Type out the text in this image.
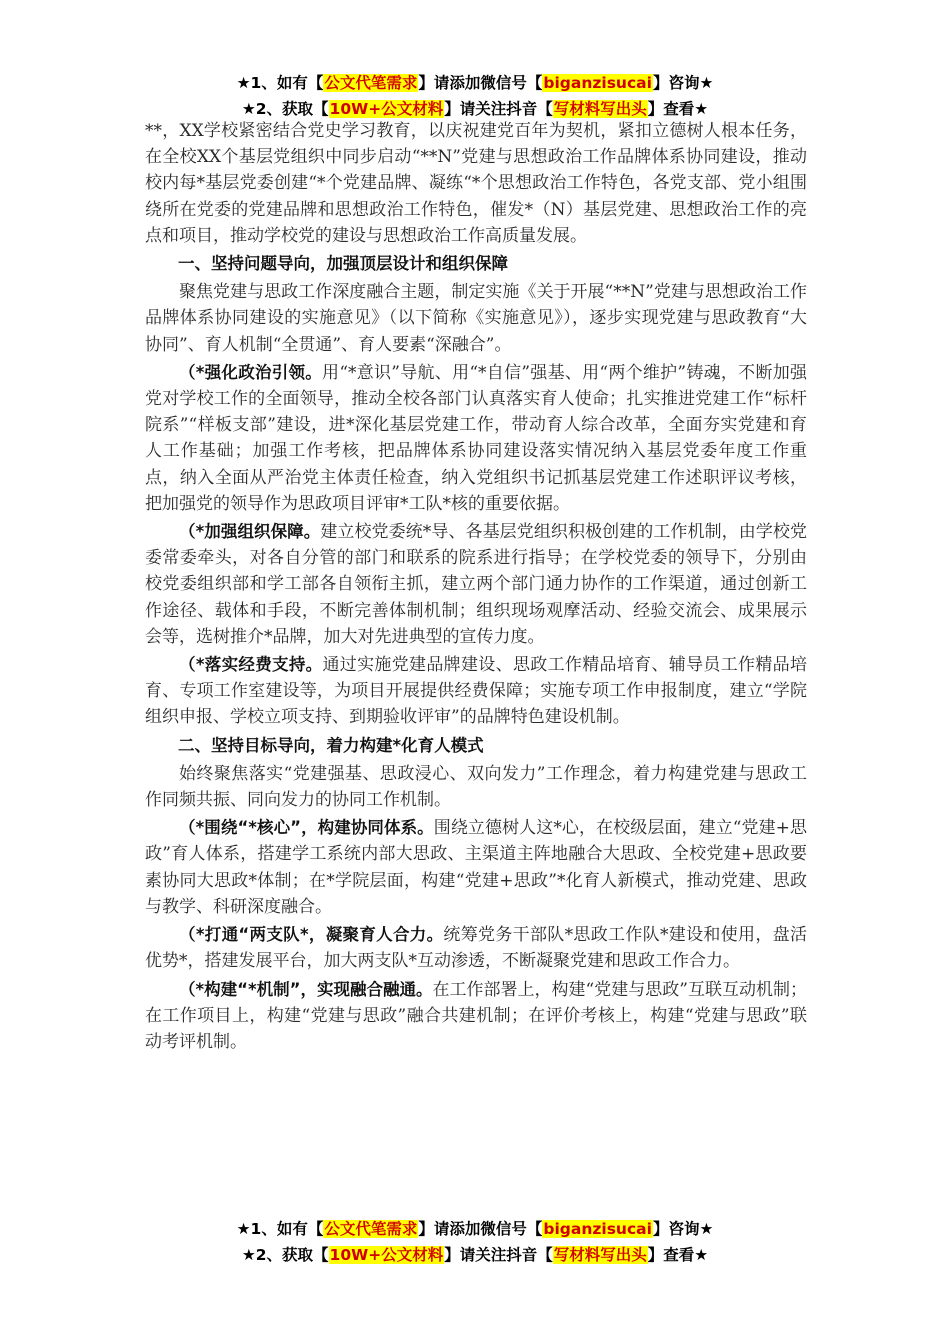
★1、如有【公文代笔需求】请添加微信号【biganzisucai】咨询★
★2、获取【10W+公文材料】请关注抖音【写材料写出头】查看★

**，XX学校紧密结合党史学习教育，以庆祝建党百年为契机，紧扣立德树人根本任务，在全校XX个基层党组织中同步启动“**N”党建与思想政治工作品牌体系协同建设，推动校内每*基层党委创建“*个党建品牌、凝练“*个思想政治工作特色，各党支部、党小组围绕所在党委的党建品牌和思想政治工作特色，催发*（N）基层党建、思想政治工作的亮点和项目，推动学校党的建设与思想政治工作高质量发展。

一、坚持问题导向，加强顶层设计和组织保障

聚焦党建与思政工作深度融合主题，制定实施《关于开展“**N”党建与思想政治工作品牌体系协同建设的实施意见》（以下简称《实施意见》），逐步实现党建与思政教育“大协同”、育人机制“全贯通”、育人要素“深融合”。

（*强化政治引领。用“*意识”导航、用“*自信”强基、用“两个维护”铸魂，不断加强党对学校工作的全面领导，推动全校各部门认真落实育人使命；扎实推进党建工作“标杆院系”“样板支部”建设，进*深化基层党建工作，带动育人综合改革，全面夯实党建和育人工作基础；加强工作考核，把品牌体系协同建设落实情况纳入基层党委年度工作重点，纳入全面从严治党主体责任检查，纳入党组织书记抓基层党建工作述职评议考核，把加强党的领导作为思政项目评审*工队*核的重要依据。

（*加强组织保障。建立校党委统*导、各基层党组织积极创建的工作机制，由学校党委常委牵头，对各自分管的部门和联系的院系进行指导；在学校党委的领导下，分别由校党委组织部和学工部各自领衔主抓，建立两个部门通力协作的工作渠道，通过创新工作途径、载体和手段，不断完善体制机制；组织现场观摩活动、经验交流会、成果展示会等，选树推介*品牌，加大对先进典型的宣传力度。

（*落实经费支持。通过实施党建品牌建设、思政工作精品培育、辅导员工作精品培育、专项工作室建设等，为项目开展提供经费保障；实施专项工作申报制度，建立“学院组织申报、学校立项支持、到期验收评审”的品牌特色建设机制。

二、坚持目标导向，着力构建*化育人模式

始终聚焦落实“党建强基、思政浸心、双向发力”工作理念，着力构建党建与思政工作同频共振、同向发力的协同工作机制。

（*围绕“*核心”，构建协同体系。围绕立德树人这*心，在校级层面，建立“党建+思政”育人体系，搭建学工系统内部大思政、主渠道主阵地融合大思政、全校党建+思政要素协同大思政*体制；在*学院层面，构建“党建+思政”*化育人新模式，推动党建、思政与教学、科研深度融合。

（*打通“两支队*，凝聚育人合力。统筹党务干部队*思政工作队*建设和使用，盘活优势*，搭建发展平台，加大两支队*互动渗透，不断凝聚党建和思政工作合力。

（*构建“*机制”，实现融合融通。在工作部署上，构建“党建与思政”互联互动机制；在工作项目上，构建“党建与思政”融合共建机制；在评价考核上，构建“党建与思政”联动考评机制。

★1、如有【公文代笔需求】请添加微信号【biganzisucai】咨询★
★2、获取【10W+公文材料】请关注抖音【写材料写出头】查看★
